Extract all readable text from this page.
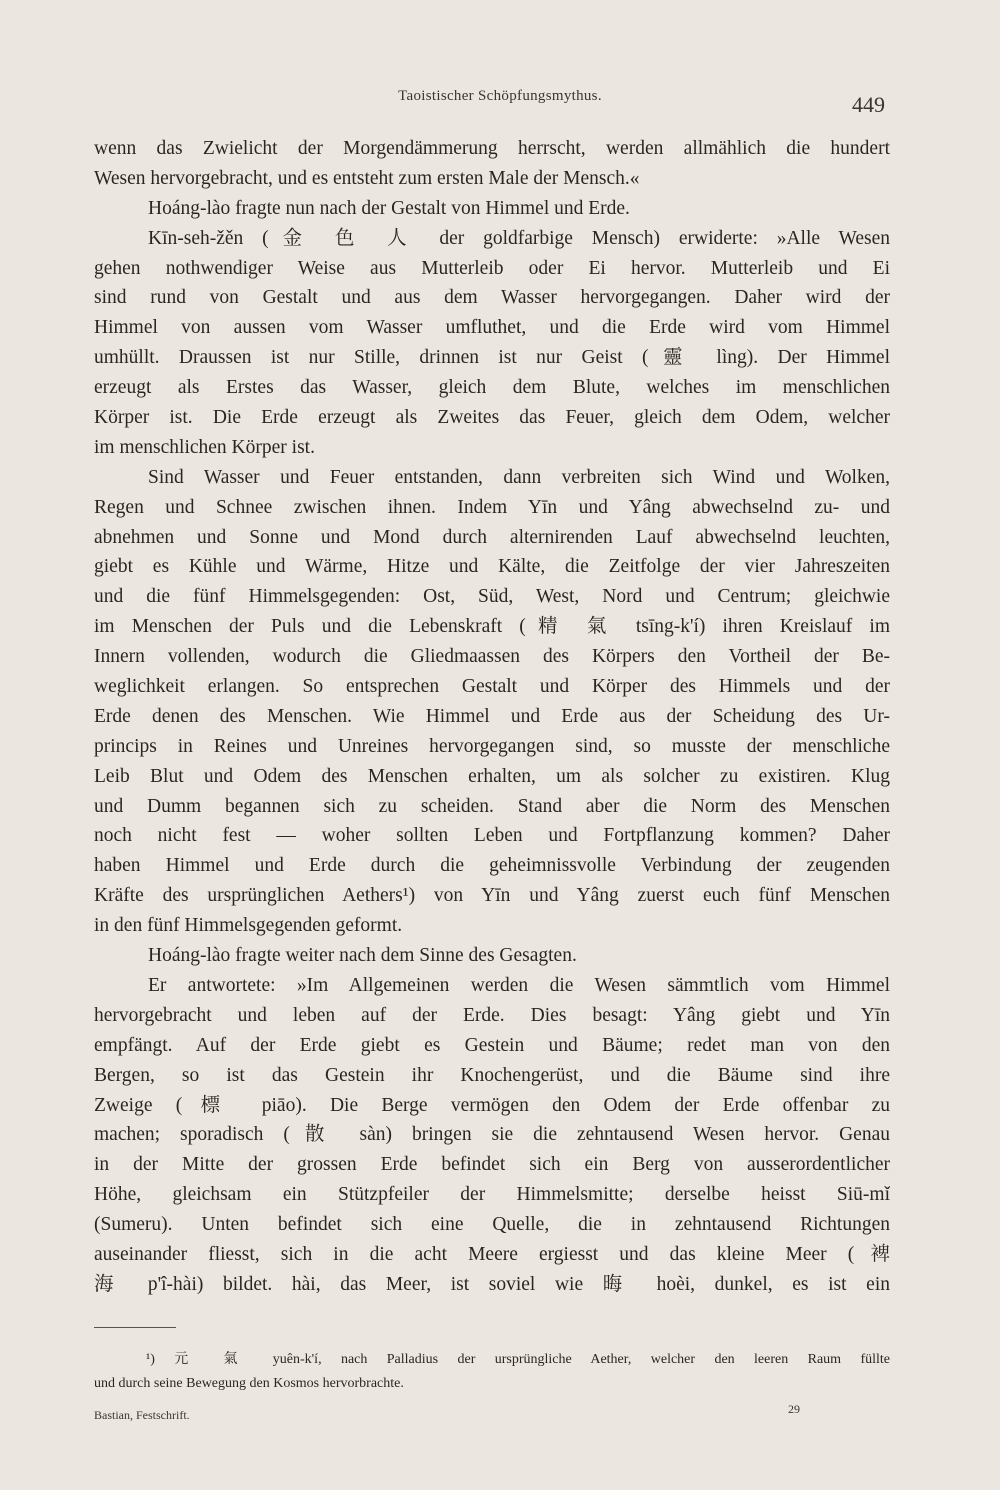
Taoistischer Schöpfungsmythus.	449
wenn das Zwielicht der Morgendämmerung herrscht, werden allmählich die hundert
Wesen hervorgebracht, und es entsteht zum ersten Male der Mensch.«
Hoáng-lào fragte nun nach der Gestalt von Himmel und Erde.
Kīn-seh-žěn (金 色 人 der goldfarbige Mensch) erwiderte: »Alle Wesen
gehen nothwendiger Weise aus Mutterleib oder Ei hervor. Mutterleib und Ei
sind rund von Gestalt und aus dem Wasser hervorgegangen. Daher wird der
Himmel von aussen vom Wasser umfluthet, und die Erde wird vom Himmel
umhüllt. Draussen ist nur Stille, drinnen ist nur Geist (靈 lìng). Der Himmel
erzeugt als Erstes das Wasser, gleich dem Blute, welches im menschlichen
Körper ist. Die Erde erzeugt als Zweites das Feuer, gleich dem Odem, welcher
im menschlichen Körper ist.
Sind Wasser und Feuer entstanden, dann verbreiten sich Wind und Wolken,
Regen und Schnee zwischen ihnen. Indem Yīn und Yâng abwechselnd zu- und
abnehmen und Sonne und Mond durch alternirenden Lauf abwechselnd leuchten,
giebt es Kühle und Wärme, Hitze und Kälte, die Zeitfolge der vier Jahreszeiten
und die fünf Himmelsgegenden: Ost, Süd, West, Nord und Centrum; gleichwie
im Menschen der Puls und die Lebenskraft (精 氣 tsīng-k'í) ihren Kreislauf im
Innern vollenden, wodurch die Gliedmaassen des Körpers den Vortheil der Be-
weglichkeit erlangen. So entsprechen Gestalt und Körper des Himmels und der
Erde denen des Menschen. Wie Himmel und Erde aus der Scheidung des Ur-
princips in Reines und Unreines hervorgegangen sind, so musste der menschliche
Leib Blut und Odem des Menschen erhalten, um als solcher zu existiren. Klug
und Dumm begannen sich zu scheiden. Stand aber die Norm des Menschen
noch nicht fest — woher sollten Leben und Fortpflanzung kommen? Daher
haben Himmel und Erde durch die geheimnissvolle Verbindung der zeugenden
Kräfte des ursprünglichen Aethers¹) von Yīn und Yâng zuerst euch fünf Menschen
in den fünf Himmelsgegenden geformt.
Hoáng-lào fragte weiter nach dem Sinne des Gesagten.
Er antwortete: »Im Allgemeinen werden die Wesen sämmtlich vom Himmel
hervorgebracht und leben auf der Erde. Dies besagt: Yâng giebt und Yīn
empfängt. Auf der Erde giebt es Gestein und Bäume; redet man von den
Bergen, so ist das Gestein ihr Knochengerüst, und die Bäume sind ihre
Zweige (標 piāo). Die Berge vermögen den Odem der Erde offenbar zu
machen; sporadisch (散 sàn) bringen sie die zehntausend Wesen hervor. Genau
in der Mitte der grossen Erde befindet sich ein Berg von ausserordentlicher
Höhe, gleichsam ein Stützpfeiler der Himmelsmitte; derselbe heisst Siū-mǐ
(Sumeru). Unten befindet sich eine Quelle, die in zehntausend Richtungen
auseinander fliesst, sich in die acht Meere ergiesst und das kleine Meer (裨
海 p'î-hài) bildet. hài, das Meer, ist soviel wie 晦 hoèi, dunkel, es ist ein
¹) 元 氣 yuên-k'í, nach Palladius der ursprüngliche Aether, welcher den leeren Raum füllte
und durch seine Bewegung den Kosmos hervorbrachte.
Bastian, Festschrift.	29
